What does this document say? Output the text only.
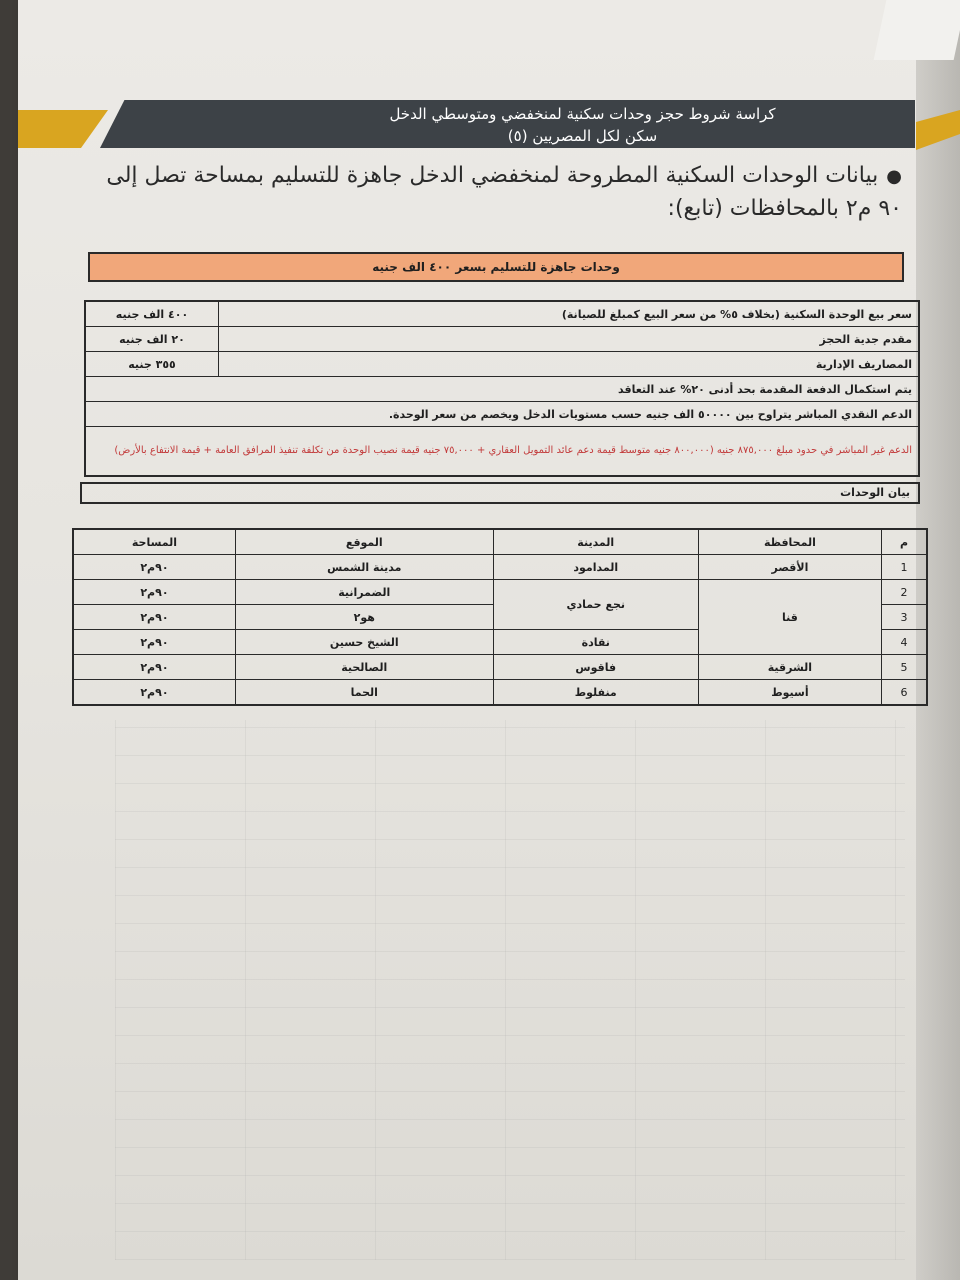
كراسة شروط حجز وحدات سكنية لمنخفضي ومتوسطي الدخل
سكن لكل المصريين (٥)
●بيانات الوحدات السكنية المطروحة لمنخفضي الدخل جاهزة للتسليم بمساحة تصل إلى
٩٠ م٢ بالمحافظات (تابع):
وحدات جاهزة للتسليم بسعر ٤٠٠ الف جنيه
سعر بيع الوحدة السكنية (بخلاف ٥% من سعر البيع كمبلغ للصيانة)	٤٠٠ الف جنيه
مقدم جدية الحجز	٢٠ الف جنيه
المصاريف الإدارية	٣٥٥ جنيه
يتم استكمال الدفعة المقدمة بحد أدنى ٢٠% عند التعاقد	
الدعم النقدي المباشر يتراوح بين ٥٠٠٠٠ الف جنيه حسب مستويات الدخل ويخصم من سعر الوحدة.	
الدعم غير المباشر في حدود مبلغ ٨٧٥,٠٠٠ جنيه (٨٠٠,٠٠٠ جنيه متوسط قيمة دعم عائد التمويل العقاري + ٧٥,٠٠٠ جنيه قيمة نصيب الوحدة من تكلفة تنفيذ المرافق العامة + قيمة الانتفاع بالأرض)	
بيان الوحدات
م	المحافظة	المدينة	الموقع	المساحة
1	الأقصر	المدامود	مدينة الشمس	٩٠م٢
2	قنا	نجع حمادي	الضمرانية	٩٠م٢
3			هو٢	٩٠م٢
4		نقادة	الشيخ حسين	٩٠م٢
5	الشرقية	فاقوس	الصالحية	٩٠م٢
6	أسيوط	منفلوط	الحما	٩٠م٢
